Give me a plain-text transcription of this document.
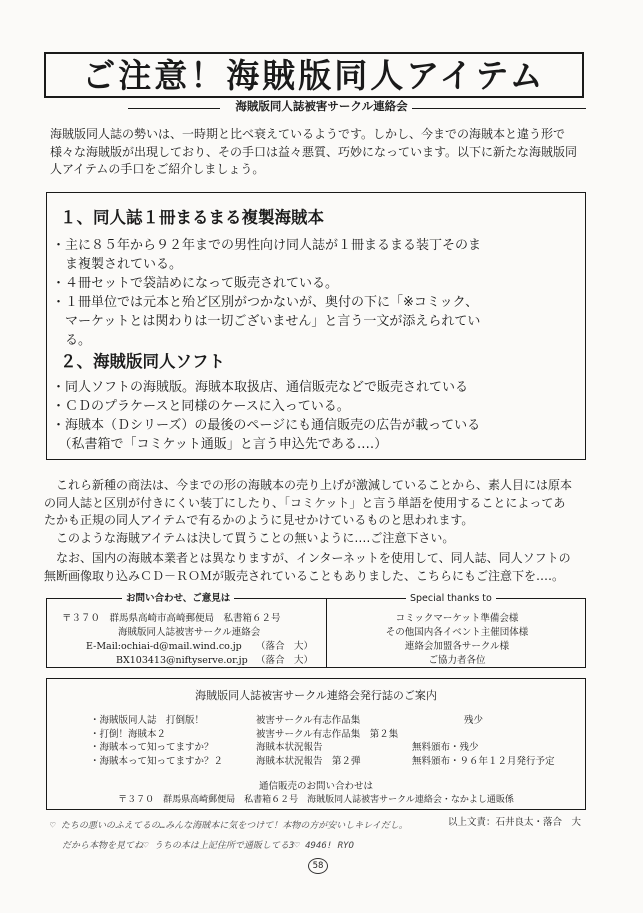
ご注意！海賊版同人アイテム
海賊版同人誌被害サークル連絡会
海賊版同人誌の勢いは、一時期と比べ衰えているようです。しかし、今までの海賊本と違う形で
様々な海賊版が出現しており、その手口は益々悪質、巧妙になっています。以下に新たな海賊版同
人アイテムの手口をご紹介しましょう。
１、同人誌１冊まるまる複製海賊本
・主に８５年から９２年までの男性向け同人誌が１冊まるまる装丁そのま
　ま複製されている。
・４冊セットで袋詰めになって販売されている。
・１冊単位では元本と殆ど区別がつかないが、奥付の下に「※コミック、
　マーケットとは関わりは一切ございません」と言う一文が添えられてい
　る。
２、海賊版同人ソフト
・同人ソフトの海賊版。海賊本取扱店、通信販売などで販売されている
・ＣＤのプラケースと同様のケースに入っている。
・海賊本（Ｄシリーズ）の最後のページにも通信販売の広告が載っている
　（私書箱で「コミケット通販」と言う申込先である‥‥）
　これら新種の商法は、今までの形の海賊本の売り上げが激減していることから、素人目には原本
の同人誌と区別が付きにくい装丁にしたり、「コミケット」と言う単語を使用することによってあ
たかも正規の同人アイテムで有るかのように見せかけているものと思われます。
　このような海賊アイテムは決して買うことの無いように‥‥ご注意下さい。
　なお、国内の海賊本業者とは異なりますが、インターネットを使用して、同人誌、同人ソフトの
無断画像取り込みＣＤ－ＲＯＭが販売されていることもありました、こちらにもご注意下を‥‥。
お問い合わせ、ご意見は
〒３７０　群馬県高崎市高崎郵便局　私書箱６２号
海賊版同人誌被害サークル連絡会
E-Mail:ochiai-d@mail.wind.co.jp （落合　大）
BX103413@niftyserve.or.jp （落合　大）
Special thanks to
コミックマーケット準備会様
その他国内各イベント主催団体様
連絡会加盟各サークル様
ご協力者各位
海賊版同人誌被害サークル連絡会発行誌のご案内
・海賊版同人誌　打倒版！
・打倒！海賊本２
・海賊本って知ってますか？
・海賊本って知ってますか？２
被害サークル有志作品集
被害サークル有志作品集　第２集
海賊本状況報告
海賊本状況報告　第２弾
残少
無料頒布・残少
無料頒布・９６年１２月発行予定
通信販売のお問い合わせは
〒３７０　群馬県高崎郵便局　私書箱６２号　海賊版同人誌被害サークル連絡会・なかよし通販係
♡ たちの悪いのふえてるの…みんな海賊本に気をつけて！本物の方が安いしキレイだし。
だから本物を見てね♡ うちの本は上記住所で通販してる3♡ 4946! RYO
以上文責：石井良太・落合　大
58
